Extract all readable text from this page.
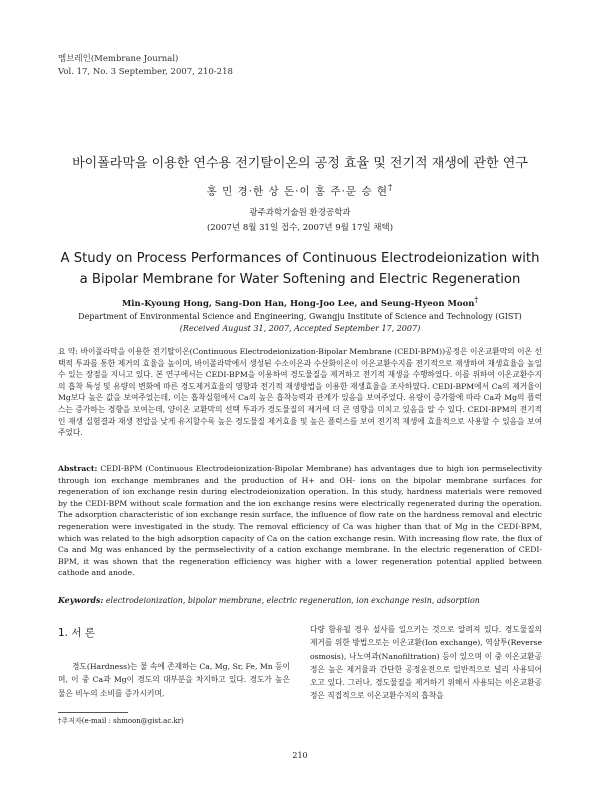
멤브레인(Membrane Journal)
Vol. 17, No. 3 September, 2007, 210-218
바이폴라막을 이용한 연수용 전기탈이온의 공정 효율 및 전기적 재생에 관한 연구
홍 민 경·한 상 돈·이 홍 주·문 승 현†
광주과학기술원 환경공학과
(2007년 8월 31일 접수, 2007년 9월 17일 채택)
A Study on Process Performances of Continuous Electrodeionization with a Bipolar Membrane for Water Softening and Electric Regeneration
Min-Kyoung Hong, Sang-Don Han, Hong-Joo Lee, and Seung-Hyeon Moon†
Department of Environmental Science and Engineering, Gwangju Institute of Science and Technology (GIST)
(Received August 31, 2007, Accepted September 17, 2007)
요 약: 바이폴라막을 이용한 전기탈이온(Continuous Electrodeionization-Bipolar Membrane (CEDI-BPM))공정은 이온교환막의 이온 선택적 투과를 통한 제거의 효율을 높이며, 바이폴라막에서 생성된 수소이온과 수산화이온이 이온교환수지를 전기적으로 재생하여 재생효율을 높일 수 있는 장점을 지니고 있다. 본 연구에서는 CEDI-BPM을 이용하여 경도물질을 제거하고 전기적 재생을 수행하였다. 이를 위하여 이온교환수지의 흡착 특성 및 유량의 변화에 따른 경도제거효율의 영향과 전기적 재생방법을 이용한 재생효율을 조사하였다. CEDI-BPM에서 Ca의 제거율이 Mg보다 높은 값을 보여주었는데, 이는 흡착실험에서 Ca의 높은 흡착능력과 관계가 있음을 보여주었다. 유량이 증가함에 따라 Ca과 Mg의 플럭스는 증가하는 경향을 보여는데, 양이온 교환막의 선택 투과가 경도물질의 제거에 더 큰 영향을 미치고 있음을 알 수 있다. CEDI-BPM의 전기적인 재생 실험결과 재생 전압을 낮게 유지할수록 높은 경도물질 제거효율 및 높은 플럭스를 보여 전기적 재생에 효율적으로 사용할 수 있음을 보여주었다.
Abstract: CEDI-BPM (Continuous Electrodeionization-Bipolar Membrane) has advantages due to high ion permselectivity through ion exchange membranes and the production of H+ and OH- ions on the bipolar membrane surfaces for regeneration of ion exchange resin during electrodeionization operation. In this study, hardness materials were removed by the CEDI-BPM without scale formation and the ion exchange resins were electrically regenerated during the operation. The adsorption characteristic of ion exchange resin surface, the influence of flow rate on the hardness removal and electric regeneration were investigated in the study. The removal efficiency of Ca was higher than that of Mg in the CEDI-BPM, which was related to the high adsorption capacity of Ca on the cation exchange resin. With increasing flow rate, the flux of Ca and Mg was enhanced by the permselectivity of a cation exchange membrane. In the electric regeneration of CEDI-BPM, it was shown that the regeneration efficiency was higher with a lower regeneration potential applied between cathode and anode.
Keywords: electrodeionization, bipolar membrane, electric regeneration, ion exchange resin, adsorption
1. 서 론
경도(Hardness)는 물 속에 존재하는 Ca, Mg, Sr, Fe, Mn 등이며, 이 중 Ca과 Mg이 경도의 대부분을 차지하고 있다. 경도가 높은 물은 비누의 소비를 증가시키며,
다량 함유될 경우 설사를 일으키는 것으로 알려져 있다. 경도물질의 제거를 위한 방법으로는 이온교환(Ion exchange), 역삼투(Reverse osmosis), 나노여과(Nanofiltration) 등이 있으며 이 중 이온교환공정은 높은 제거율과 간단한 공정운전으로 일반적으로 널리 사용되어 오고 있다. 그러나, 경도물질을 제거하기 위해서 사용되는 이온교환공정은 직접적으로 이온교환수지의 흡착을
†주저자(e-mail : shmoon@gist.ac.kr)
210
